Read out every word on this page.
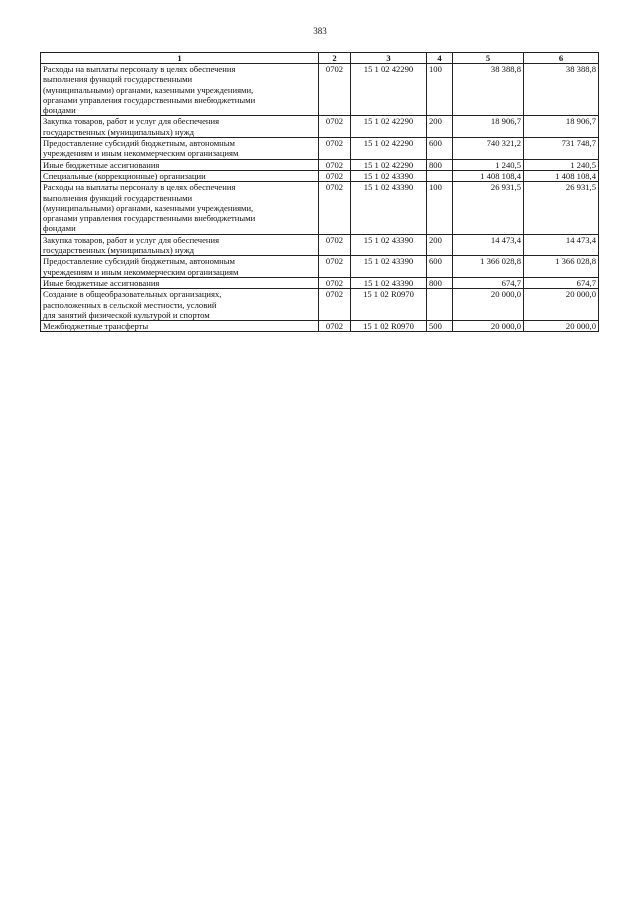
383
1	2	3	4	5	6
Расходы на выплаты персоналу в целях обеспечения
выполнения функций государственными
(муниципальными) органами, казенными учреждениями,
органами управления государственными внебюджетными
фондами	0702	15 1 02 42290	100	38 388,8	38 388,8
Закупка товаров, работ и услуг для обеспечения
государственных (муниципальных) нужд	0702	15 1 02 42290	200	18 906,7	18 906,7
Предоставление субсидий бюджетным, автономным
учреждениям и иным некоммерческим организациям	0702	15 1 02 42290	600	740 321,2	731 748,7
Иные бюджетные ассигнования	0702	15 1 02 42290	800	1 240,5	1 240,5
Специальные (коррекционные) организации	0702	15 1 02 43390		1 408 108,4	1 408 108,4
Расходы на выплаты персоналу в целях обеспечения
выполнения функций государственными
(муниципальными) органами, казенными учреждениями,
органами управления государственными внебюджетными
фондами	0702	15 1 02 43390	100	26 931,5	26 931,5
Закупка товаров, работ и услуг для обеспечения
государственных (муниципальных) нужд	0702	15 1 02 43390	200	14 473,4	14 473,4
Предоставление субсидий бюджетным, автономным
учреждениям и иным некоммерческим организациям	0702	15 1 02 43390	600	1 366 028,8	1 366 028,8
Иные бюджетные ассигнования	0702	15 1 02 43390	800	674,7	674,7
Создание в общеобразовательных организациях,
расположенных в сельской местности, условий
для занятий физической культурой и спортом	0702	15 1 02 R0970		20 000,0	20 000,0
Межбюджетные трансферты	0702	15 1 02 R0970	500	20 000,0	20 000,0
